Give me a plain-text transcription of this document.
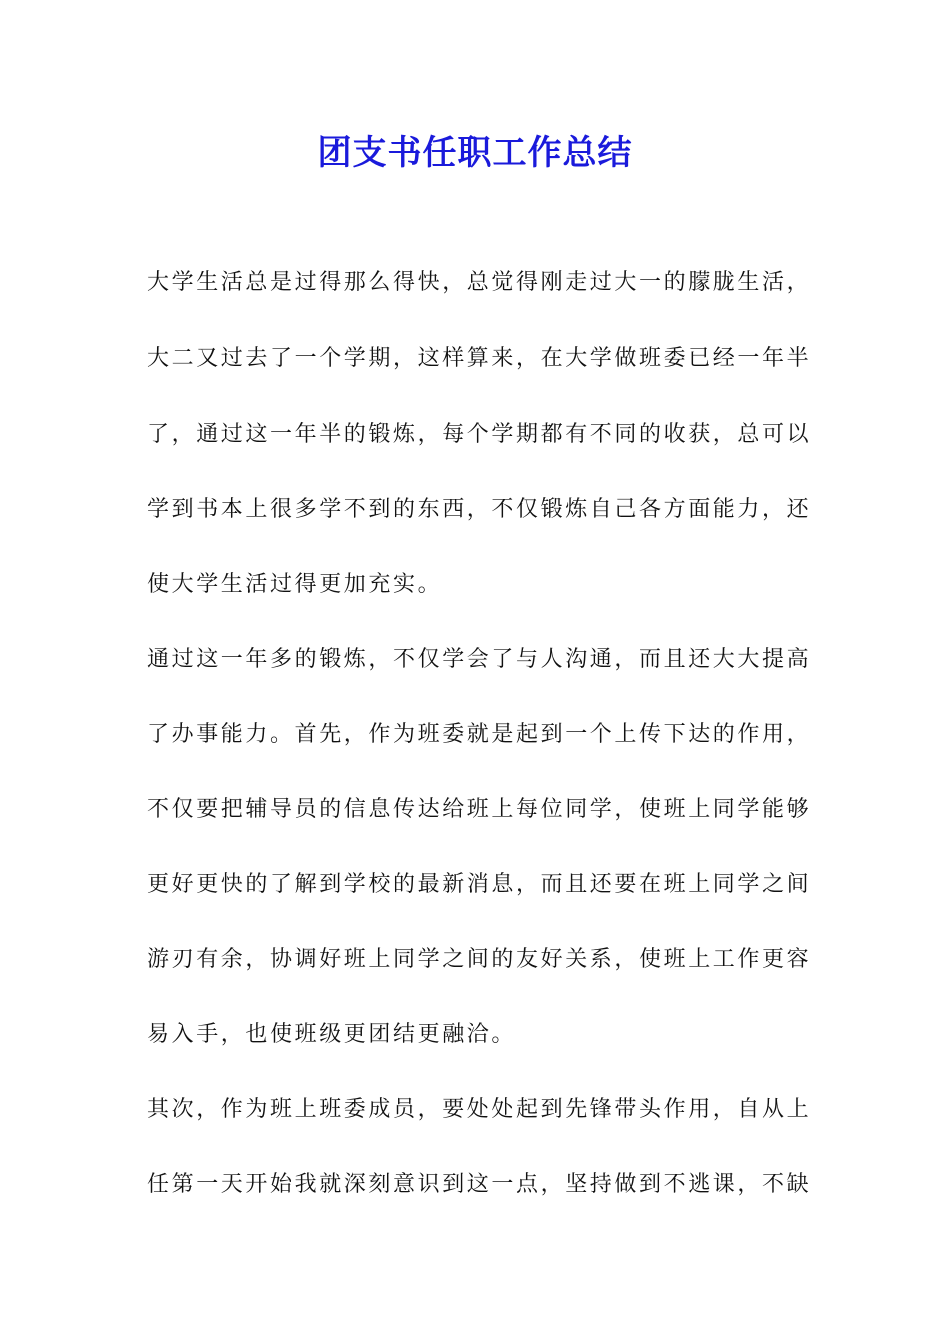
团支书任职工作总结

大学生活总是过得那么得快，总觉得刚走过大一的朦胧生活，

大二又过去了一个学期，这样算来，在大学做班委已经一年半

了，通过这一年半的锻炼，每个学期都有不同的收获，总可以

学到书本上很多学不到的东西，不仅锻炼自己各方面能力，还

使大学生活过得更加充实。

通过这一年多的锻炼，不仅学会了与人沟通，而且还大大提高

了办事能力。首先，作为班委就是起到一个上传下达的作用，

不仅要把辅导员的信息传达给班上每位同学，使班上同学能够

更好更快的了解到学校的最新消息，而且还要在班上同学之间

游刃有余，协调好班上同学之间的友好关系，使班上工作更容

易入手，也使班级更团结更融洽。

其次，作为班上班委成员，要处处起到先锋带头作用，自从上

任第一天开始我就深刻意识到这一点，坚持做到不逃课，不缺
